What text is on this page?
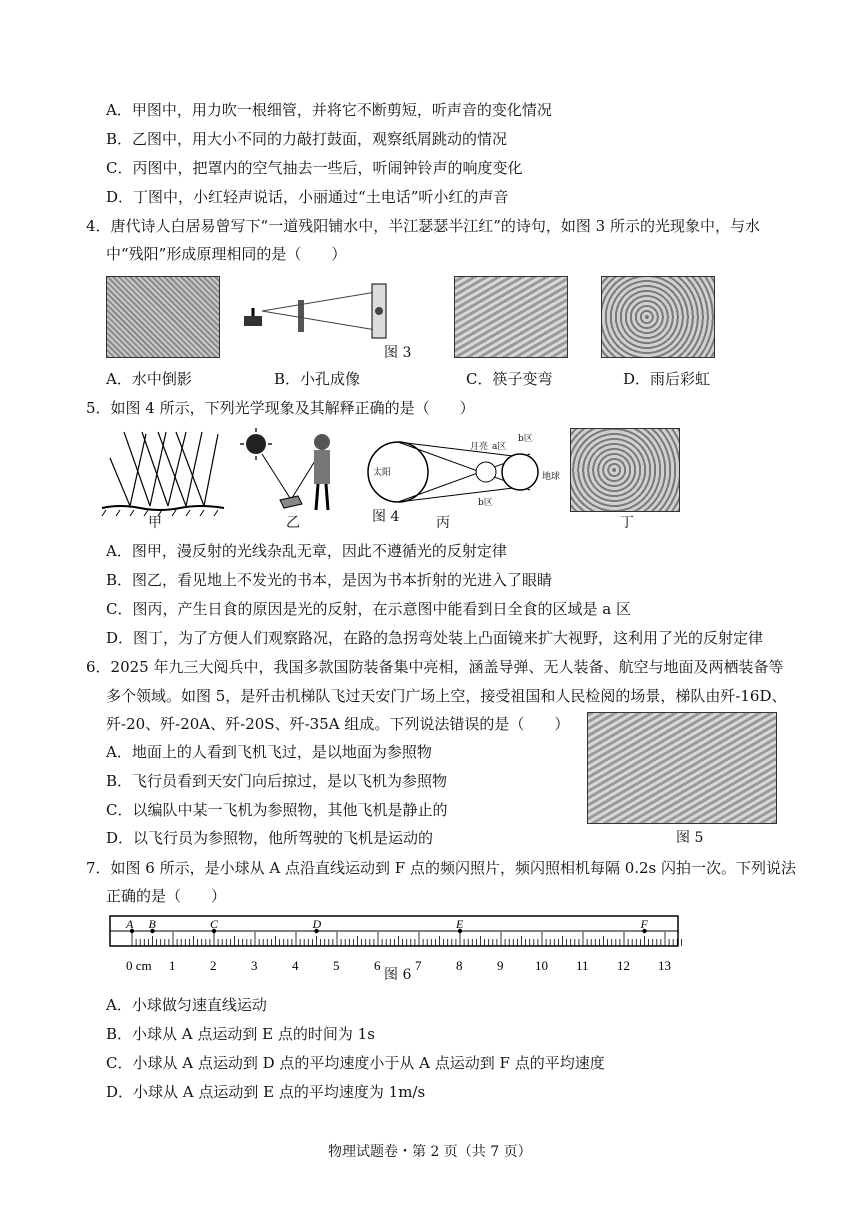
A．甲图中，用力吹一根细管，并将它不断剪短，听声音的变化情况
B．乙图中，用大小不同的力敲打鼓面，观察纸屑跳动的情况
C．丙图中，把罩内的空气抽去一些后，听闹钟铃声的响度变化
D．丁图中，小红轻声说话，小丽通过“土电话”听小红的声音
4．唐代诗人白居易曾写下“一道残阳铺水中，半江瑟瑟半江红”的诗句，如图 3 所示的光现象中，与水
中“残阳”形成原理相同的是（　　）
图 3
A．水中倒影	B．小孔成像	C．筷子变弯	D．雨后彩虹
5．如图 4 所示，下列光学现象及其解释正确的是（　　）
甲	乙
太阳
月亮 a区
b区
地球
b区
图 4	丙	丁
A．图甲，漫反射的光线杂乱无章，因此不遵循光的反射定律
B．图乙，看见地上不发光的书本，是因为书本折射的光进入了眼睛
C．图丙，产生日食的原因是光的反射，在示意图中能看到日全食的区域是 a 区
D．图丁，为了方便人们观察路况，在路的急拐弯处装上凸面镜来扩大视野，这利用了光的反射定律
6．2025 年九三大阅兵中，我国多款国防装备集中亮相，涵盖导弹、无人装备、航空与地面及两栖装备等
多个领域。如图 5，是歼击机梯队飞过天安门广场上空，接受祖国和人民检阅的场景，梯队由歼-16D、
歼-20、歼-20A、歼-20S、歼-35A 组成。下列说法错误的是（　　）
A．地面上的人看到飞机飞过，是以地面为参照物
B．飞行员看到天安门向后掠过，是以飞机为参照物
C．以编队中某一飞机为参照物，其他飞机是静止的
D．以飞行员为参照物，他所驾驶的飞机是运动的	图 5
7．如图 6 所示，是小球从 A 点沿直线运动到 F 点的频闪照片，频闪照相机每隔 0.2s 闪拍一次。下列说法
正确的是（　　）
A B	C	D	E	F
0 cm 1	2	3	4	5	6	7	8	9 10 11 12 13
图 6
A．小球做匀速直线运动
B．小球从 A 点运动到 E 点的时间为 1s
C．小球从 A 点运动到 D 点的平均速度小于从 A 点运动到 F 点的平均速度
D．小球从 A 点运动到 E 点的平均速度为 1m/s
物理试题卷・第 2 页（共 7 页）
